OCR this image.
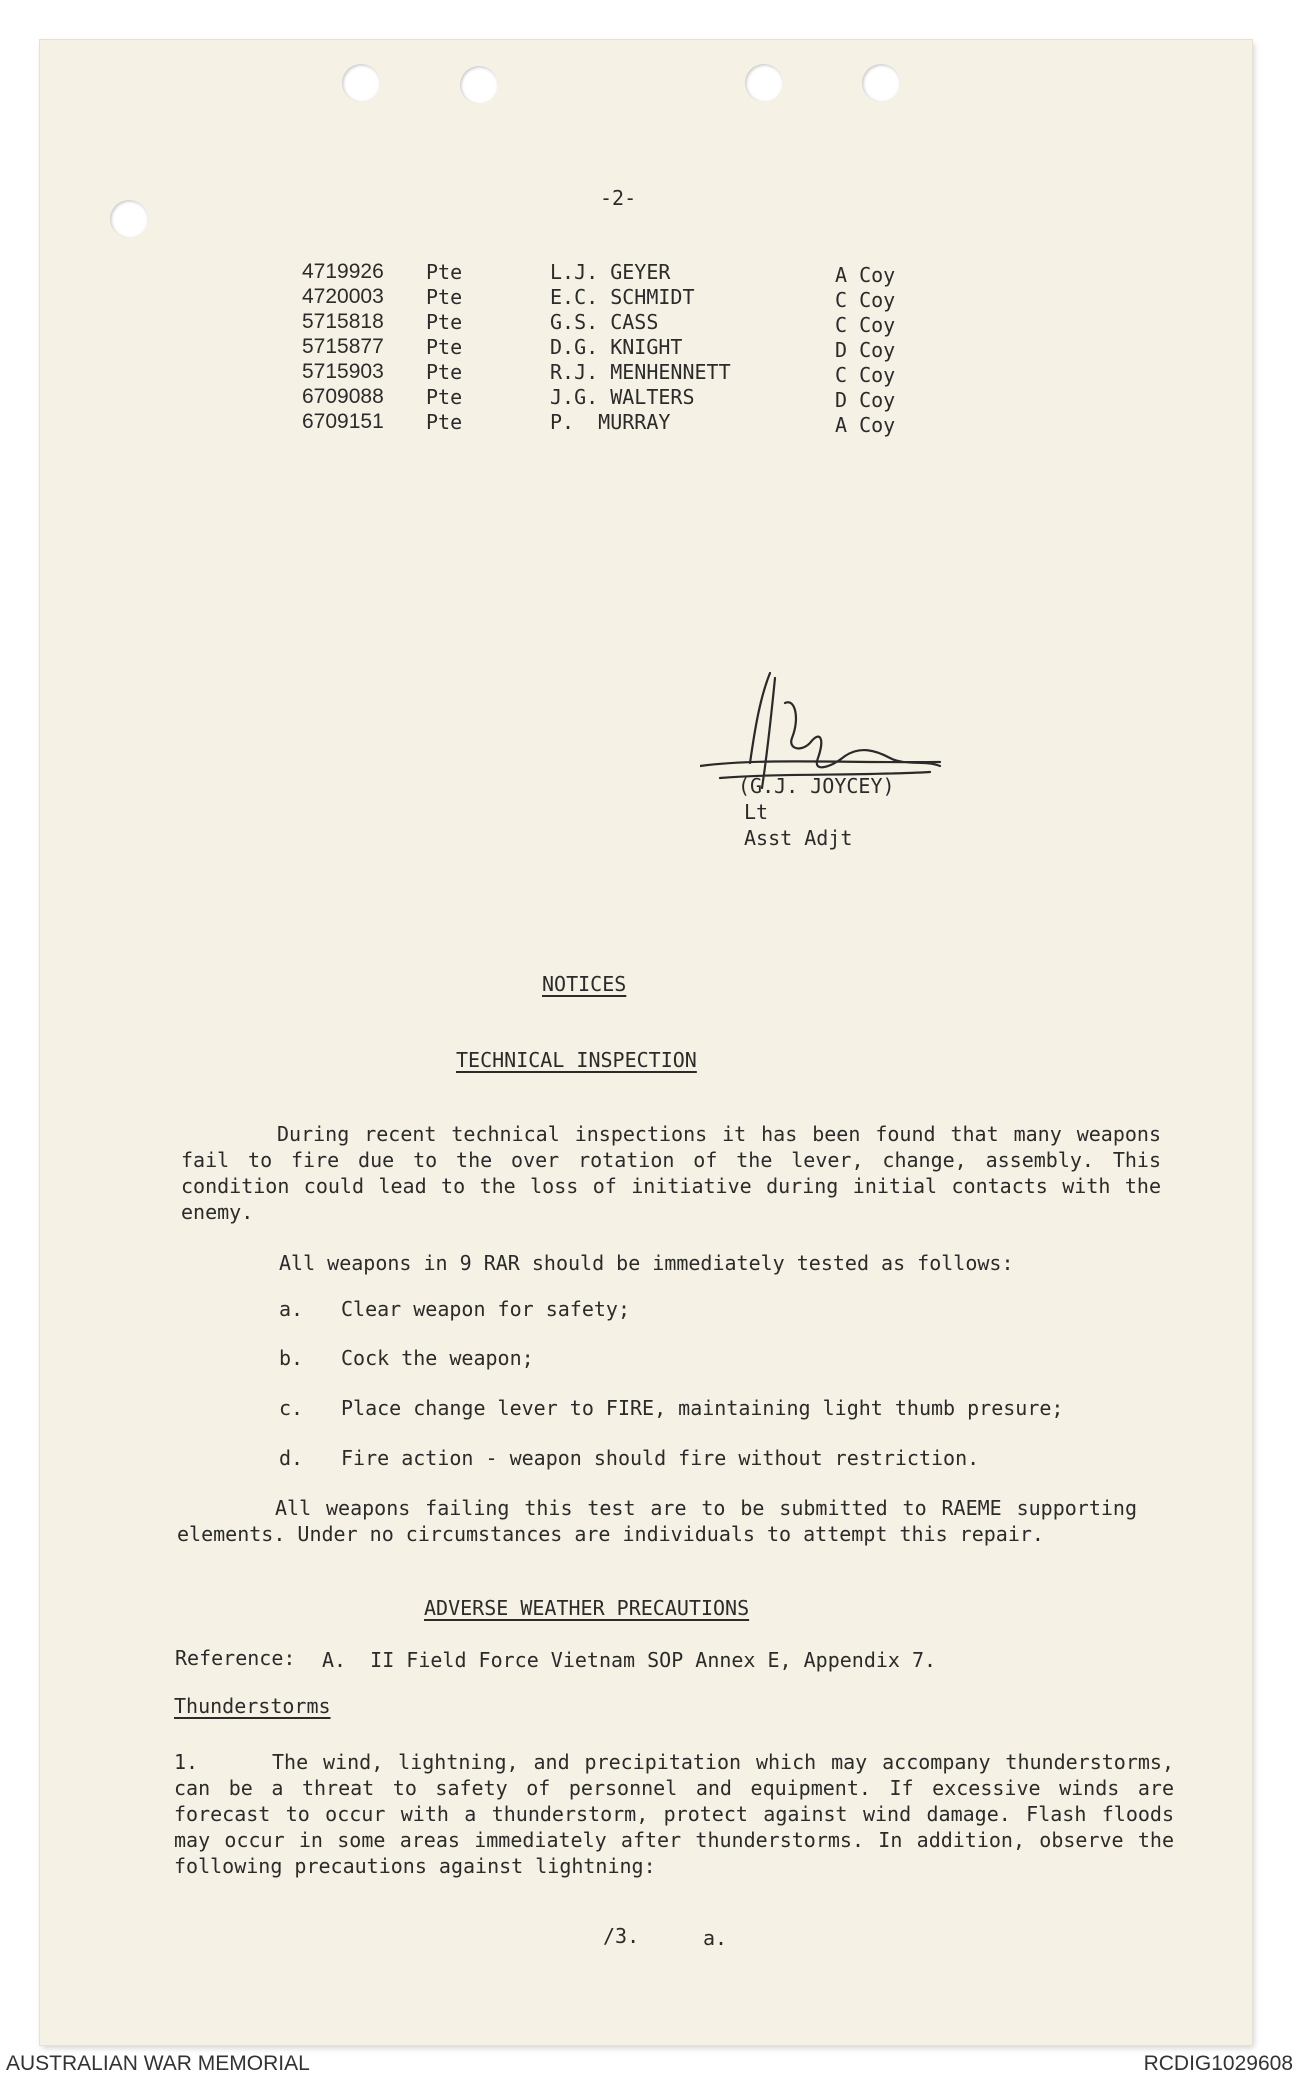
-2-
4719926 Pte	L.J. GEYER	A Coy
4720003 Pte	E.C. SCHMIDT	C Coy
5715818 Pte	G.S. CASS	C Coy
5715877 Pte	D.G. KNIGHT	D Coy
5715903 Pte	R.J. MENHENNETT	C Coy
6709088 Pte	J.G. WALTERS	D Coy
6709151 Pte	P.  MURRAY	A Coy
(G.J. JOYCEY)
Lt
Asst Adjt
NOTICES
TECHNICAL INSPECTION
During recent technical inspections it has been found that many weapons fail to fire due to the over rotation of the lever, change, assembly. This condition could lead to the loss of initiative during initial contacts with the enemy.
All weapons in 9 RAR should be immediately tested as follows:
a. Clear weapon for safety;
b. Cock the weapon;
c. Place change lever to FIRE, maintaining light thumb presure;
d. Fire action - weapon should fire without restriction.
All weapons failing this test are to be submitted to RAEME supporting elements. Under no circumstances are individuals to attempt this repair.
ADVERSE WEATHER PRECAUTIONS
Reference: A.  II Field Force Vietnam SOP Annex E, Appendix 7.
Thunderstorms
1.	The wind, lightning, and precipitation which may accompany thunderstorms, can be a threat to safety of personnel and equipment. If excessive winds are forecast to occur with a thunderstorm, protect against wind damage. Flash floods may occur in some areas immediately after thunderstorms. In addition, observe the following precautions against lightning:
/3.	a.
AUSTRALIAN WAR MEMORIAL	RCDIG1029608
